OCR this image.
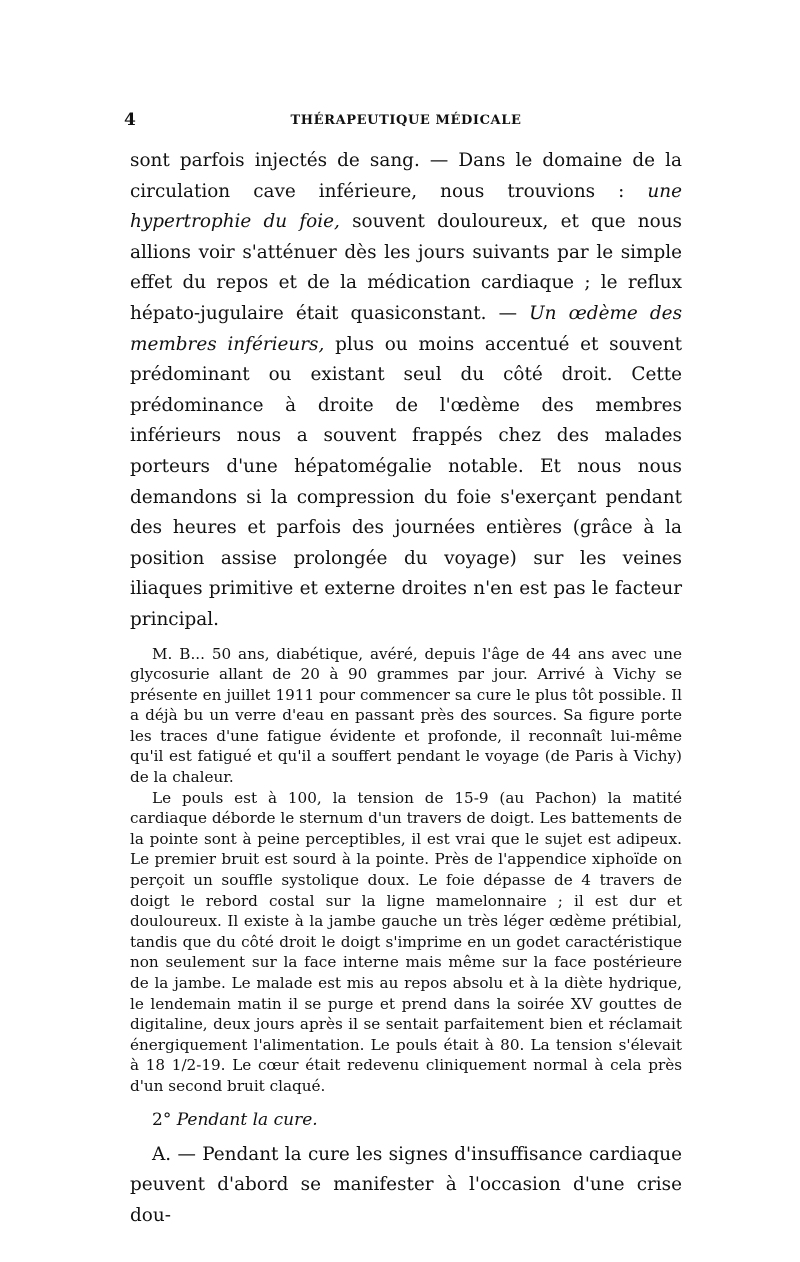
4	THÉRAPEUTIQUE MÉDICALE

sont parfois injectés de sang. — Dans le domaine de la circulation cave inférieure, nous trouvions : une hypertrophie du foie, souvent douloureux, et que nous allions voir s'atténuer dès les jours suivants par le simple effet du repos et de la médication cardiaque ; le reflux hépato-jugulaire était quasiconstant. — Un œdème des membres inférieurs, plus ou moins accentué et souvent prédominant ou existant seul du côté droit. Cette prédominance à droite de l'œdème des membres inférieurs nous a souvent frappés chez des malades porteurs d'une hépatomégalie notable. Et nous nous demandons si la compression du foie s'exerçant pendant des heures et parfois des journées entières (grâce à la position assise prolongée du voyage) sur les veines iliaques primitive et externe droites n'en est pas le facteur principal.

M. B... 50 ans, diabétique, avéré, depuis l'âge de 44 ans avec une glycosurie allant de 20 à 90 grammes par jour. Arrivé à Vichy se présente en juillet 1911 pour commencer sa cure le plus tôt possible. Il a déjà bu un verre d'eau en passant près des sources. Sa figure porte les traces d'une fatigue évidente et profonde, il reconnaît lui-même qu'il est fatigué et qu'il a souffert pendant le voyage (de Paris à Vichy) de la chaleur.

Le pouls est à 100, la tension de 15-9 (au Pachon) la matité cardiaque déborde le sternum d'un travers de doigt. Les battements de la pointe sont à peine perceptibles, il est vrai que le sujet est adipeux. Le premier bruit est sourd à la pointe. Près de l'appendice xiphoïde on perçoit un souffle systolique doux. Le foie dépasse de 4 travers de doigt le rebord costal sur la ligne mamelonnaire ; il est dur et douloureux. Il existe à la jambe gauche un très léger œdème prétibial, tandis que du côté droit le doigt s'imprime en un godet caractéristique non seulement sur la face interne mais même sur la face postérieure de la jambe. Le malade est mis au repos absolu et à la diète hydrique, le lendemain matin il se purge et prend dans la soirée XV gouttes de digitaline, deux jours après il se sentait parfaitement bien et réclamait énergiquement l'alimentation. Le pouls était à 80. La tension s'élevait à 18 1/2-19. Le cœur était redevenu cliniquement normal à cela près d'un second bruit claqué.

2° Pendant la cure.

A. — Pendant la cure les signes d'insuffisance cardiaque peuvent d'abord se manifester à l'occasion d'une crise dou-
